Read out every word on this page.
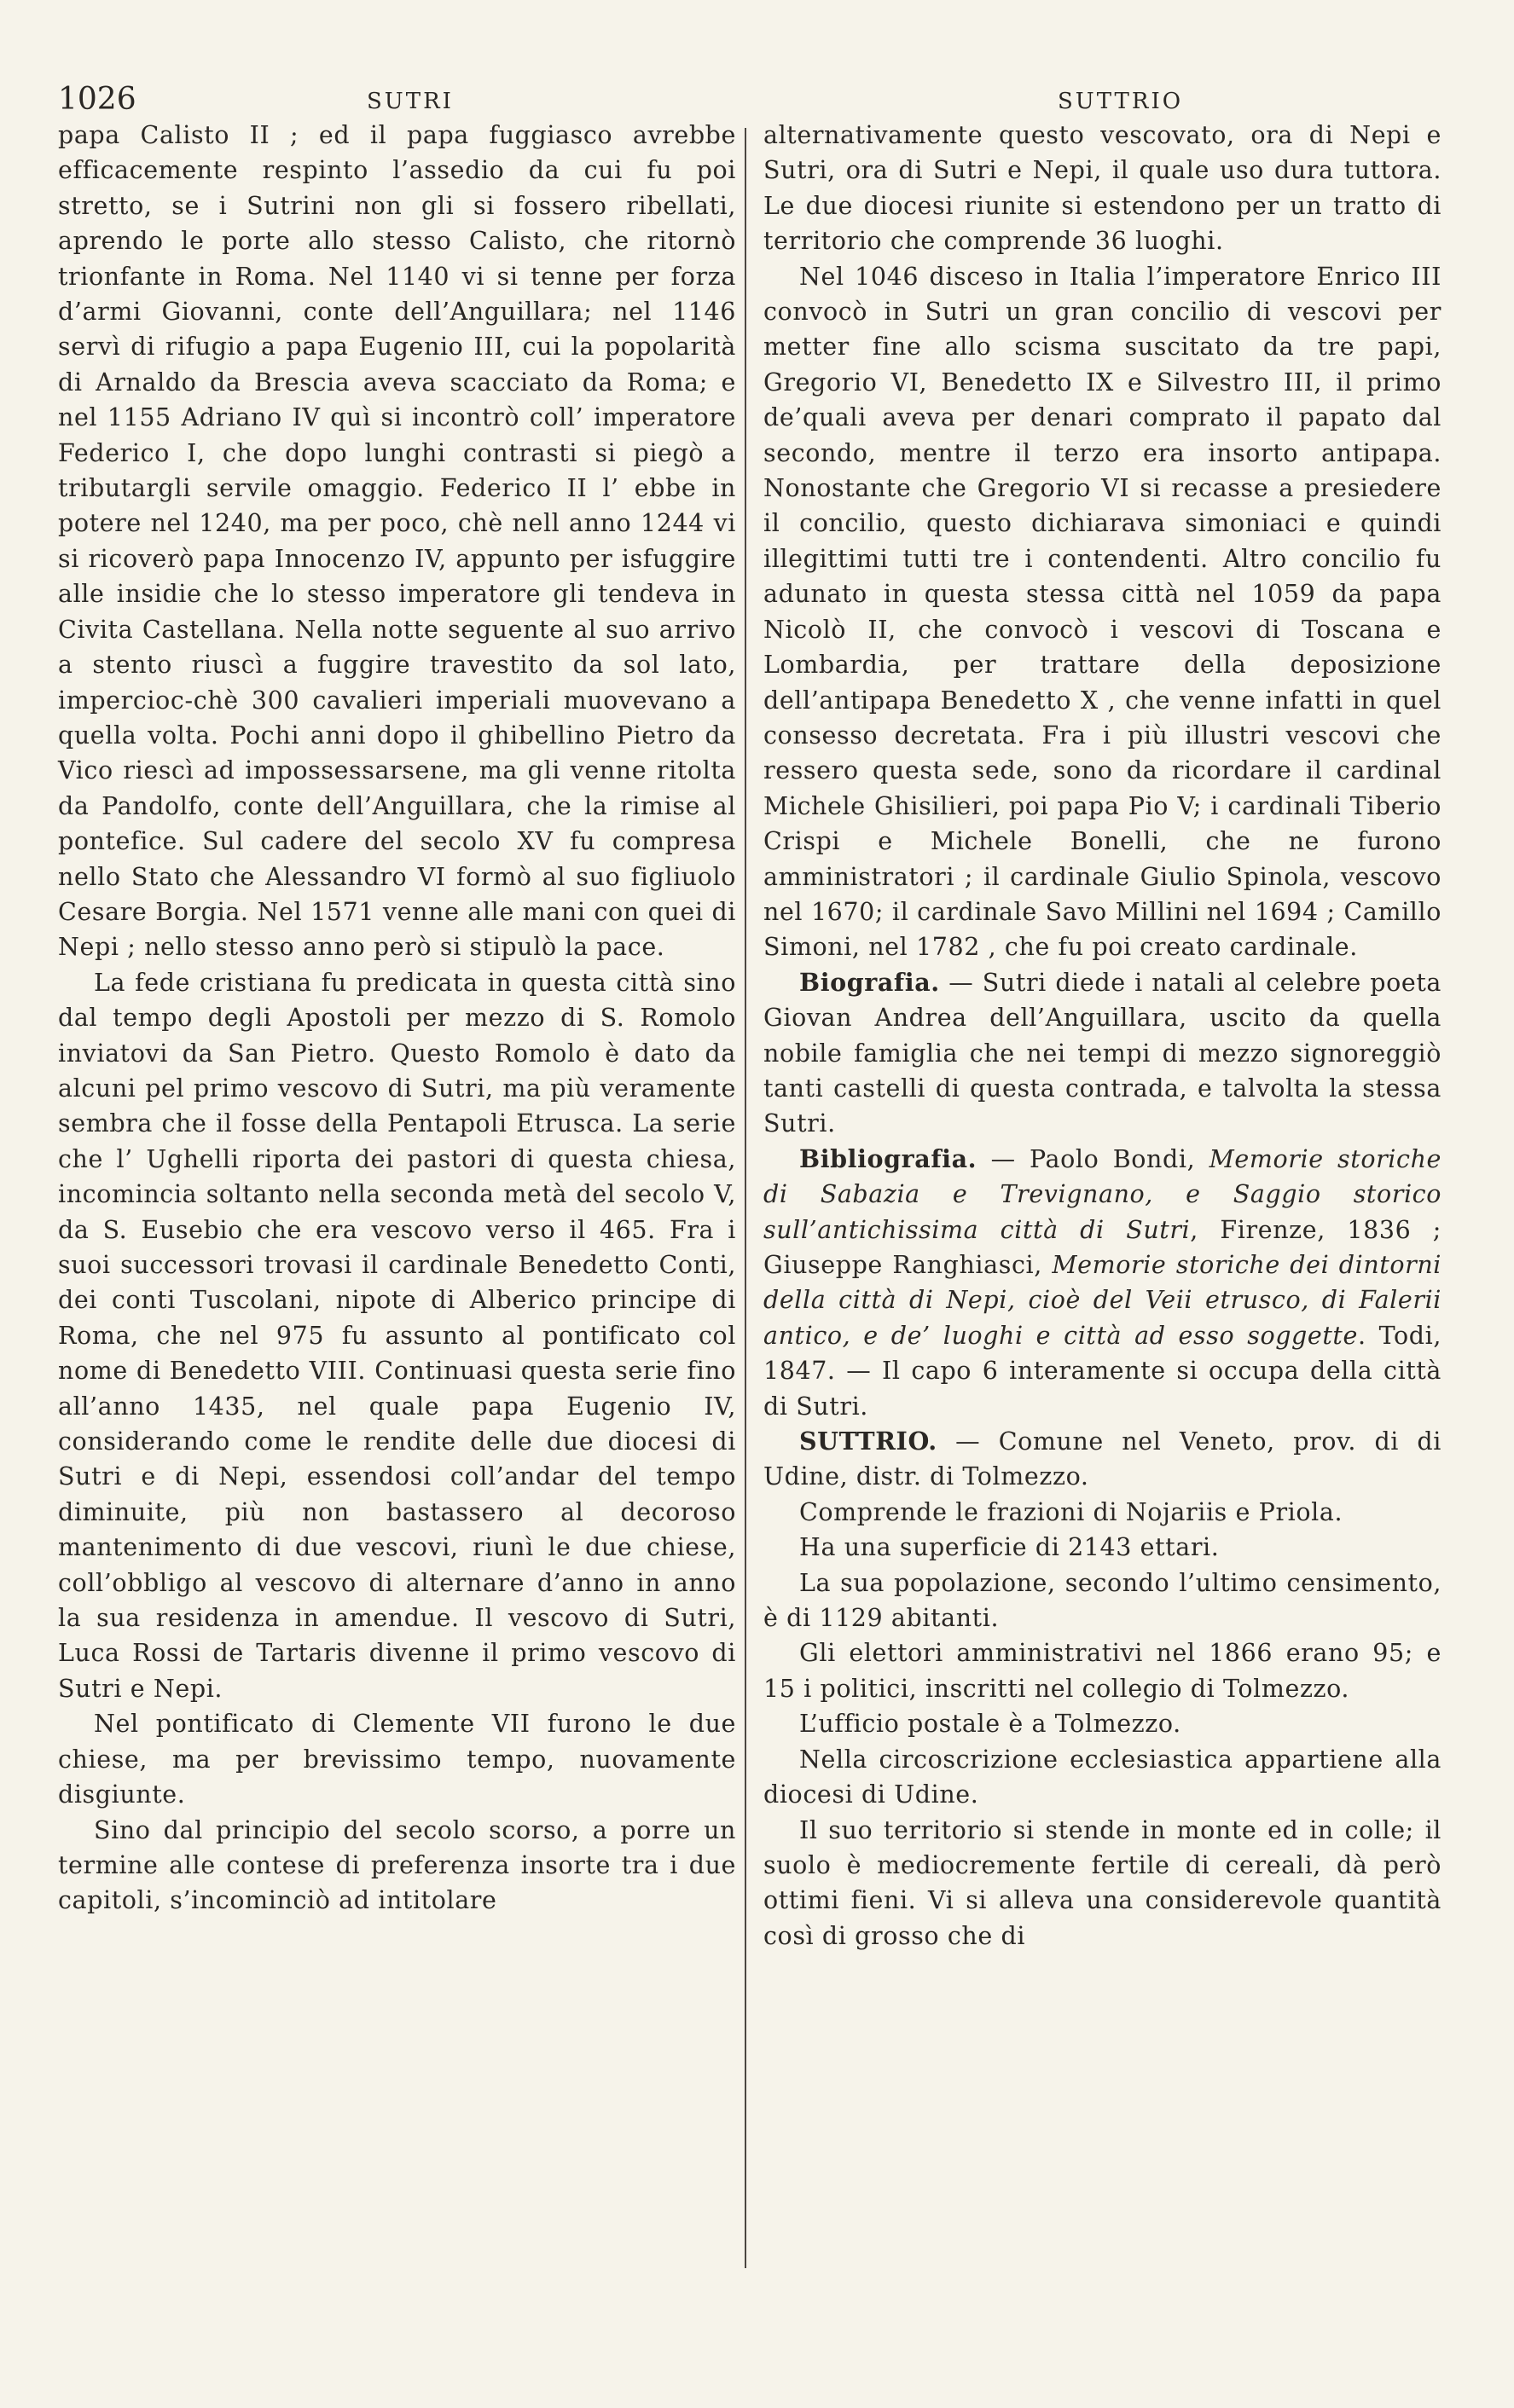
1026	SUTRI	SUTTRIO

papa Calisto II ; ed il papa fuggiasco avrebbe efficacemente respinto l’assedio da cui fu poi stretto, se i Sutrini non gli si fossero ribellati, aprendo le porte allo stesso Calisto, che ritornò trionfante in Roma. Nel 1140 vi si tenne per forza d’armi Giovanni, conte dell’Anguillara; nel 1146 servì di rifugio a papa Eugenio III, cui la popolarità di Arnaldo da Brescia aveva scacciato da Roma; e nel 1155 Adriano IV quì si incontrò coll’ imperatore Federico I, che dopo lunghi contrasti si piegò a tributargli servile omaggio. Federico II l’ ebbe in potere nel 1240, ma per poco, chè nell anno 1244 vi si ricoverò papa Innocenzo IV, appunto per isfuggire alle insidie che lo stesso imperatore gli tendeva in Civita Castellana. Nella notte seguente al suo arrivo a stento riuscì a fuggire travestito da sol lato, impercioc-chè 300 cavalieri imperiali muovevano a quella volta. Pochi anni dopo il ghibellino Pietro da Vico riescì ad impossessarsene, ma gli venne ritolta da Pandolfo, conte dell’Anguillara, che la rimise al pontefice. Sul cadere del secolo XV fu compresa nello Stato che Alessandro VI formò al suo figliuolo Cesare Borgia. Nel 1571 venne alle mani con quei di Nepi ; nello stesso anno però si stipulò la pace.

La fede cristiana fu predicata in questa città sino dal tempo degli Apostoli per mezzo di S. Romolo inviatovi da San Pietro. Questo Romolo è dato da alcuni pel primo vescovo di Sutri, ma più veramente sembra che il fosse della Pentapoli Etrusca. La serie che l’ Ughelli riporta dei pastori di questa chiesa, incomincia soltanto nella seconda metà del secolo V, da S. Eusebio che era vescovo verso il 465. Fra i suoi successori trovasi il cardinale Benedetto Conti, dei conti Tuscolani, nipote di Alberico principe di Roma, che nel 975 fu assunto al pontificato col nome di Benedetto VIII. Continuasi questa serie fino all’anno 1435, nel quale papa Eugenio IV, considerando come le rendite delle due diocesi di Sutri e di Nepi, essendosi coll’andar del tempo diminuite, più non bastassero al decoroso mantenimento di due vescovi, riunì le due chiese, coll’obbligo al vescovo di alternare d’anno in anno la sua residenza in amendue. Il vescovo di Sutri, Luca Rossi de Tartaris divenne il primo vescovo di Sutri e Nepi.

Nel pontificato di Clemente VII furono le due chiese, ma per brevissimo tempo, nuovamente disgiunte.

Sino dal principio del secolo scorso, a porre un termine alle contese di preferenza insorte tra i due capitoli, s’incominciò ad intitolare

alternativamente questo vescovato, ora di Nepi e Sutri, ora di Sutri e Nepi, il quale uso dura tuttora. Le due diocesi riunite si estendono per un tratto di territorio che comprende 36 luoghi.

Nel 1046 disceso in Italia l’imperatore Enrico III convocò in Sutri un gran concilio di vescovi per metter fine allo scisma suscitato da tre papi, Gregorio VI, Benedetto IX e Silvestro III, il primo de’quali aveva per denari comprato il papato dal secondo, mentre il terzo era insorto antipapa. Nonostante che Gregorio VI si recasse a presiedere il concilio, questo dichiarava simoniaci e quindi illegittimi tutti tre i contendenti. Altro concilio fu adunato in questa stessa città nel 1059 da papa Nicolò II, che convocò i vescovi di Toscana e Lombardia, per trattare della deposizione dell’antipapa Benedetto X , che venne infatti in quel consesso decretata. Fra i più illustri vescovi che ressero questa sede, sono da ricordare il cardinal Michele Ghisilieri, poi papa Pio V; i cardinali Tiberio Crispi e Michele Bonelli, che ne furono amministratori ; il cardinale Giulio Spinola, vescovo nel 1670; il cardinale Savo Millini nel 1694 ; Camillo Simoni, nel 1782 , che fu poi creato cardinale.

Biografia. — Sutri diede i natali al celebre poeta Giovan Andrea dell’Anguillara, uscito da quella nobile famiglia che nei tempi di mezzo signoreggiò tanti castelli di questa contrada, e talvolta la stessa Sutri.

Bibliografia. — Paolo Bondi, Memorie storiche di Sabazia e Trevignano, e Saggio storico sull’antichissima città di Sutri, Firenze, 1836 ; Giuseppe Ranghiasci, Memorie storiche dei dintorni della città di Nepi, cioè del Veii etrusco, di Falerii antico, e de’ luoghi e città ad esso soggette. Todi, 1847. — Il capo 6 interamente si occupa della città di Sutri.

SUTTRIO. — Comune nel Veneto, prov. di di Udine, distr. di Tolmezzo.

Comprende le frazioni di Nojariis e Priola.

Ha una superficie di 2143 ettari.

La sua popolazione, secondo l’ultimo censimento, è di 1129 abitanti.

Gli elettori amministrativi nel 1866 erano 95; e 15 i politici, inscritti nel collegio di Tolmezzo.

L’ufficio postale è a Tolmezzo.

Nella circoscrizione ecclesiastica appartiene alla diocesi di Udine.

Il suo territorio si stende in monte ed in colle; il suolo è mediocremente fertile di cereali, dà però ottimi fieni. Vi si alleva una considerevole quantità così di grosso che di
